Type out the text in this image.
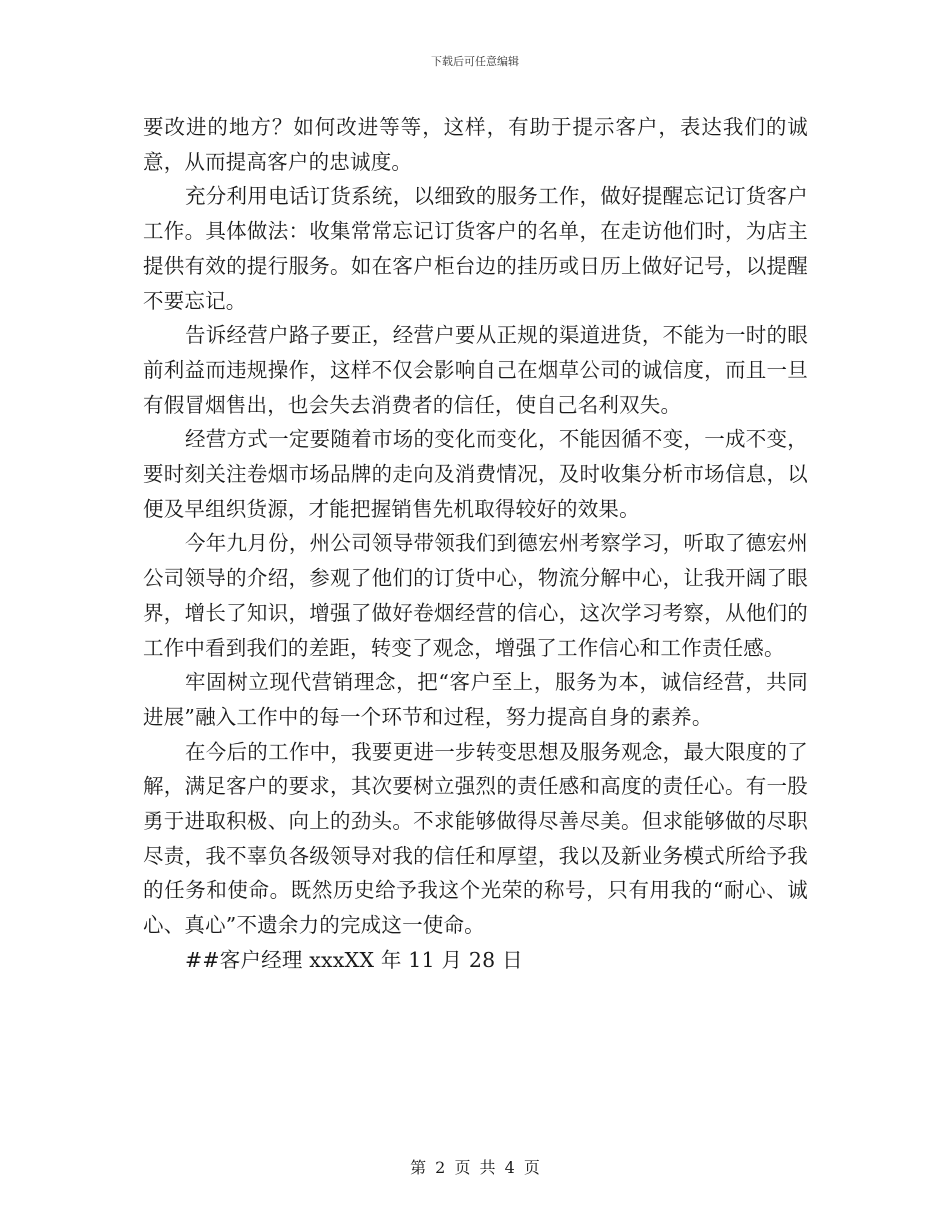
下载后可任意编辑

要改进的地方？如何改进等等，这样，有助于提示客户，表达我们的诚意，从而提高客户的忠诚度。

充分利用电话订货系统，以细致的服务工作，做好提醒忘记订货客户工作。具体做法：收集常常忘记订货客户的名单，在走访他们时，为店主提供有效的提行服务。如在客户柜台边的挂历或日历上做好记号，以提醒不要忘记。

告诉经营户路子要正，经营户要从正规的渠道进货，不能为一时的眼前利益而违规操作，这样不仅会影响自己在烟草公司的诚信度，而且一旦有假冒烟售出，也会失去消费者的信任，使自己名利双失。

经营方式一定要随着市场的变化而变化，不能因循不变，一成不变，要时刻关注卷烟市场品牌的走向及消费情况，及时收集分析市场信息，以便及早组织货源，才能把握销售先机取得较好的效果。

今年九月份，州公司领导带领我们到德宏州考察学习，听取了德宏州公司领导的介绍，参观了他们的订货中心，物流分解中心，让我开阔了眼界，增长了知识，增强了做好卷烟经营的信心，这次学习考察，从他们的工作中看到我们的差距，转变了观念，增强了工作信心和工作责任感。

牢固树立现代营销理念，把“客户至上，服务为本，诚信经营，共同进展”融入工作中的每一个环节和过程，努力提高自身的素养。

在今后的工作中，我要更进一步转变思想及服务观念，最大限度的了解，满足客户的要求，其次要树立强烈的责任感和高度的责任心。有一股勇于进取积极、向上的劲头。不求能够做得尽善尽美。但求能够做的尽职尽责，我不辜负各级领导对我的信任和厚望，我以及新业务模式所给予我的任务和使命。既然历史给予我这个光荣的称号，只有用我的“耐心、诚心、真心”不遗余力的完成这一使命。

##客户经理 xxxXX 年 11 月 28 日

第 2 页 共 4 页
